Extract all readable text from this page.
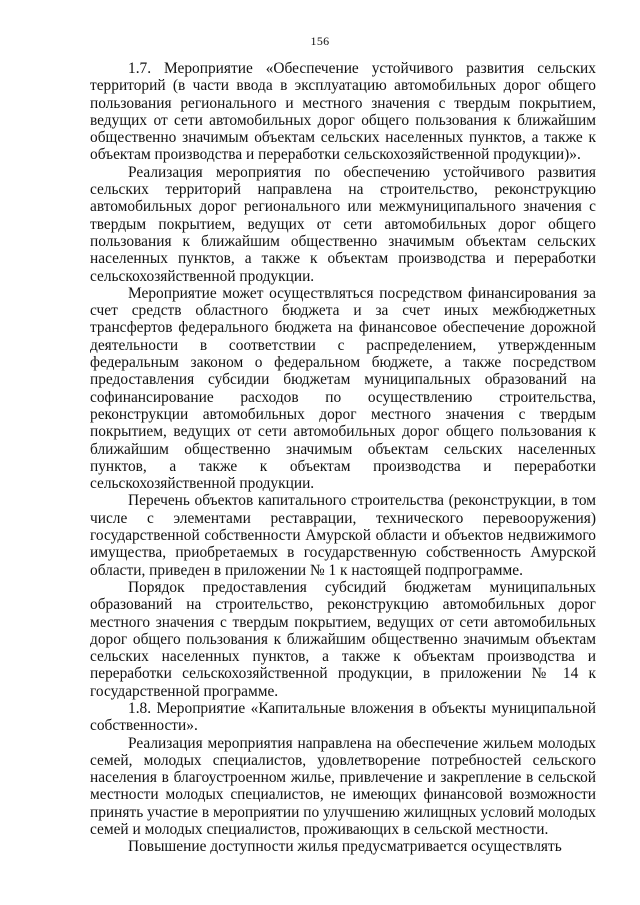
156

1.7. Мероприятие «Обеспечение устойчивого развития сельских территорий (в части ввода в эксплуатацию автомобильных дорог общего пользования регионального и местного значения с твердым покрытием, ведущих от сети автомобильных дорог общего пользования к ближайшим общественно значимым объектам сельских населенных пунктов, а также к объектам производства и переработки сельскохозяйственной продукции)».

Реализация мероприятия по обеспечению устойчивого развития сельских территорий направлена на строительство, реконструкцию автомобильных дорог регионального или межмуниципального значения с твердым покрытием, ведущих от сети автомобильных дорог общего пользования к ближайшим общественно значимым объектам сельских населенных пунктов, а также к объектам производства и переработки сельскохозяйственной продукции.

Мероприятие может осуществляться посредством финансирования за счет средств областного бюджета и за счет иных межбюджетных трансфертов федерального бюджета на финансовое обеспечение дорожной деятельности в соответствии с распределением, утвержденным федеральным законом о федеральном бюджете, а также посредством предоставления субсидии бюджетам муниципальных образований на софинансирование расходов по осуществлению строительства, реконструкции автомобильных дорог местного значения с твердым покрытием, ведущих от сети автомобильных дорог общего пользования к ближайшим общественно значимым объектам сельских населенных пунктов, а также к объектам производства и переработки сельскохозяйственной продукции.

Перечень объектов капитального строительства (реконструкции, в том числе с элементами реставрации, технического перевооружения) государственной собственности Амурской области и объектов недвижимого имущества, приобретаемых в государственную собственность Амурской области, приведен в приложении № 1 к настоящей подпрограмме.

Порядок предоставления субсидий бюджетам муниципальных образований на строительство, реконструкцию автомобильных дорог местного значения с твердым покрытием, ведущих от сети автомобильных дорог общего пользования к ближайшим общественно значимым объектам сельских населенных пунктов, а также к объектам производства и переработки сельскохозяйственной продукции, в приложении № 14 к государственной программе.

1.8. Мероприятие «Капитальные вложения в объекты муниципальной собственности».

Реализация мероприятия направлена на обеспечение жильем молодых семей, молодых специалистов, удовлетворение потребностей сельского населения в благоустроенном жилье, привлечение и закрепление в сельской местности молодых специалистов, не имеющих финансовой возможности принять участие в мероприятии по улучшению жилищных условий молодых семей и молодых специалистов, проживающих в сельской местности.

Повышение доступности жилья предусматривается осуществлять
